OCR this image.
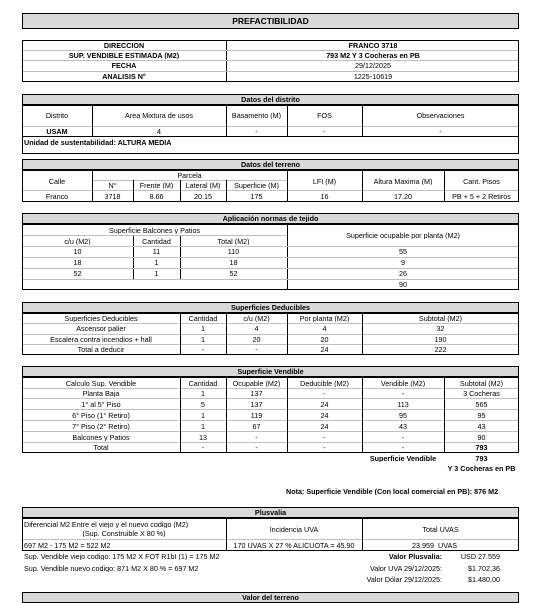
PREFACTIBILIDAD
DIRECCION	FRANCO 3718
SUP. VENDIBLE ESTIMADA (M2)	793 M2 Y 3 Cocheras en PB
FECHA	29/12/2025
ANALISIS N°	1225-10619
Datos del distrito
Distrito	Area Mixtura de usos	Basamento (M)	FOS	Observaciones
USAM	4	-	-	-
Unidad de sustentabilidad: ALTURA MEDIA
Datos del terreno
Calle
Parcela
N°	Frente (M)	Lateral (M)	Superficie (M)	LFI (M)	Altura Maxima (M)	Cant. Pisos
Franco	3718	8.66	20.15	175	16	17.20	PB + 5 + 2 Retiros
Aplicación normas de tejido
Superficie Balcones y Patios
Superficie ocupable por planta (M2)
c/u (M2)	Cantidad	Total (M2)
10	11	110	55
18	1	18	9
52	1	52	26
90
Superficies Deducibles
Superficies Deducibles	Cantidad	c/u (M2)	Por planta (M2)	Subtotal (M2)
Ascensor palier	1	4	4	32
Escalera contra incendios + hall	1	20	20	190
Total a deducir	-	-	24	222
Superficie Vendible
Calculo Sup. Vendible	Cantidad	Ocupable (M2)	Deducible (M2)	Vendible (M2)	Subtotal (M2)
Planta Baja	1	137	-	-	3 Cocheras
1° al 5° Piso	5	137	24	113	565
6° Piso (1° Retiro)	1	119	24	95	95
7° Piso (2° Retiro)	1	67	24	43	43
Balcones y Patios	13	-	-	-	90
Total	-	-	-	-	793
Superficie Vendible	793
Y 3 Cocheras en PB
Nota: Superficie Vendible (Con local comercial en PB): 876 M2
Plusvalia
Diferencial M2 Entre el viejo y el nuevo codigo (M2)
(Sup. Construible X 80 %)	Incidencia UVA	Total UVAS
697 M2 - 175 M2 = 522 M2	170 UVAS X 27 % ALICUOTA = 45.90	23.959 UVAS
Sup. Vendible viejo codigo: 175 M2 X FOT R1bI (1) = 175 M2
Sup. Vendible nuevo codigo: 871 M2 X 80 % = 697 M2
Valor Plusvalia:	USD 27.559
Valor UVA 29/12/2025:	$1.702,36
Valor Dólar 29/12/2025:	$1.480,00
Valor del terreno
